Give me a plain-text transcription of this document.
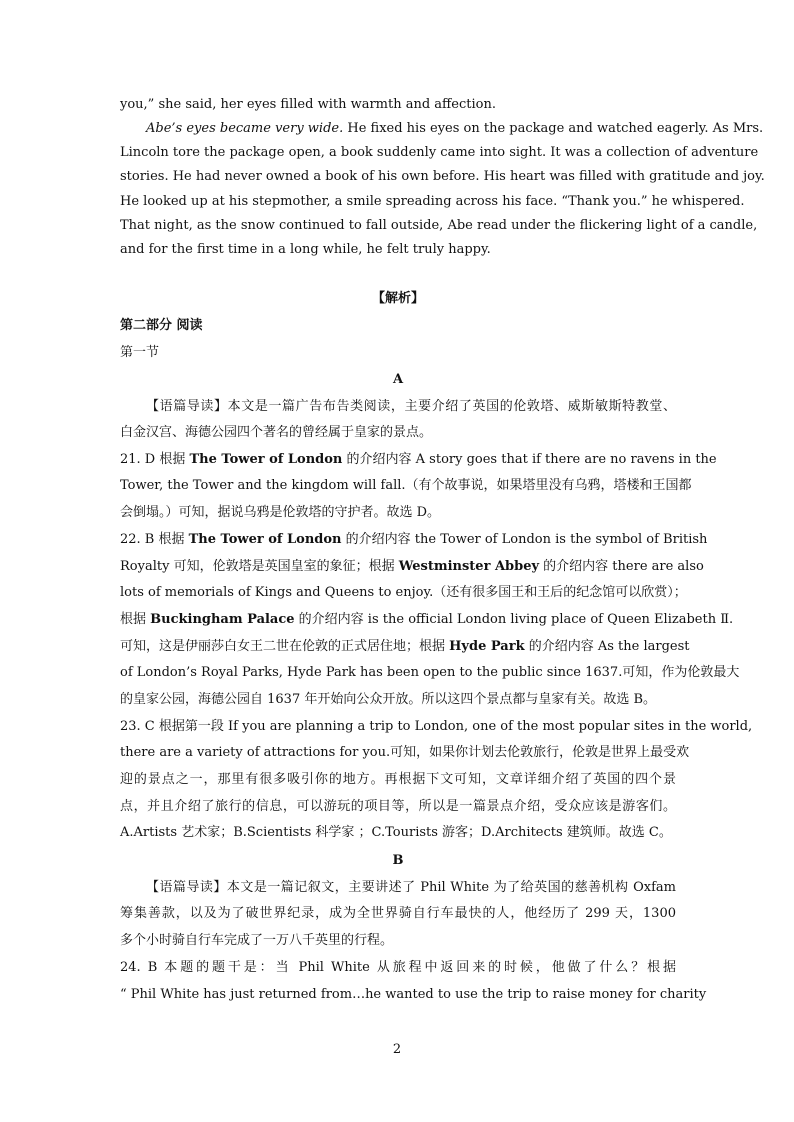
you,” she said, her eyes filled with warmth and affection.
Abe’s eyes became very wide. He fixed his eyes on the package and watched eagerly. As Mrs.
Lincoln tore the package open, a book suddenly came into sight. It was a collection of adventure
stories. He had never owned a book of his own before. His heart was filled with gratitude and joy.
He looked up at his stepmother, a smile spreading across his face. “Thank you.” he whispered.
That night, as the snow continued to fall outside, Abe read under the flickering light of a candle,
and for the first time in a long while, he felt truly happy.
【解析】
第二部分 阅读
第一节
A
【语篇导读】本文是一篇广告布告类阅读，主要介绍了英国的伦敦塔、威斯敏斯特教堂、
白金汉宫、海德公园四个著名的曾经属于皇家的景点。
21. D 根据 The Tower of London 的介绍内容 A story goes that if there are no ravens in the
Tower, the Tower and the kingdom will fall.（有个故事说，如果塔里没有乌鸦，塔楼和王国都
会倒塌。）可知，据说乌鸦是伦敦塔的守护者。故选 D。
22. B 根据 The Tower of London 的介绍内容 the Tower of London is the symbol of British
Royalty 可知，伦敦塔是英国皇室的象征；根据 Westminster Abbey 的介绍内容 there are also
lots of memorials of Kings and Queens to enjoy.（还有很多国王和王后的纪念馆可以欣赏）；
根据 Buckingham Palace 的介绍内容 is the official London living place of Queen Elizabeth Ⅱ.
可知，这是伊丽莎白女王二世在伦敦的正式居住地；根据 Hyde Park 的介绍内容 As the largest
of London’s Royal Parks, Hyde Park has been open to the public since 1637.可知，作为伦敦最大
的皇家公园，海德公园自 1637 年开始向公众开放。所以这四个景点都与皇家有关。故选 B。
23. C 根据第一段 If you are planning a trip to London, one of the most popular sites in the world,
there are a variety of attractions for you.可知，如果你计划去伦敦旅行，伦敦是世界上最受欢
迎的景点之一，那里有很多吸引你的地方。再根据下文可知，文章详细介绍了英国的四个景
点，并且介绍了旅行的信息，可以游玩的项目等，所以是一篇景点介绍，受众应该是游客们。
A.Artists 艺术家；B.Scientists 科学家 ；C.Tourists 游客；D.Architects 建筑师。故选 C。
B
【语篇导读】本文是一篇记叙文，主要讲述了 Phil White 为了给英国的慈善机构 Oxfam
筹集善款，以及为了破世界纪录，成为全世界骑自行车最快的人，他经历了 299 天，1300
多个小时骑自行车完成了一万八千英里的行程。
24. B 本题的题干是：当 Phil White 从旅程中返回来的时候，他做了什么？根据
“ Phil White has just returned from…he wanted to use the trip to raise money for charity
2
